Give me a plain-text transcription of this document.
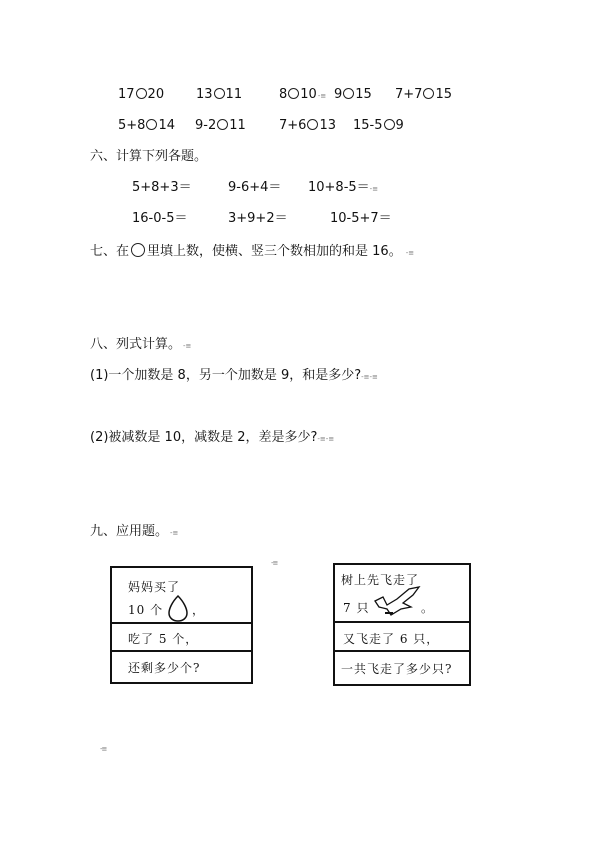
17 20 13 11	8 10-≡ 9 15 7+7 15
5+8 14 9-2 11	7+6 13 15-5 9
六、计算下列各题。
5+8+3＝	9-6+4＝ 10+8-5＝-≡
16-0-5＝	3+9+2＝	10-5+7＝
七、在 里填上数，使横、竖三个数相加的和是 16。 -≡
八、列式计算。 -≡
(1)一个加数是 8，另一个加数是 9，和是多少?-≡-≡
(2)被减数是 10，减数是 2，差是多少?-≡-≡
九、应用题。 -≡
-≡
妈妈买了
10 个 ，
吃了 5 个，
还剩多少个?
树上先飞走了
7 只	。
又飞走了 6 只，
一共飞走了多少只?
-≡
